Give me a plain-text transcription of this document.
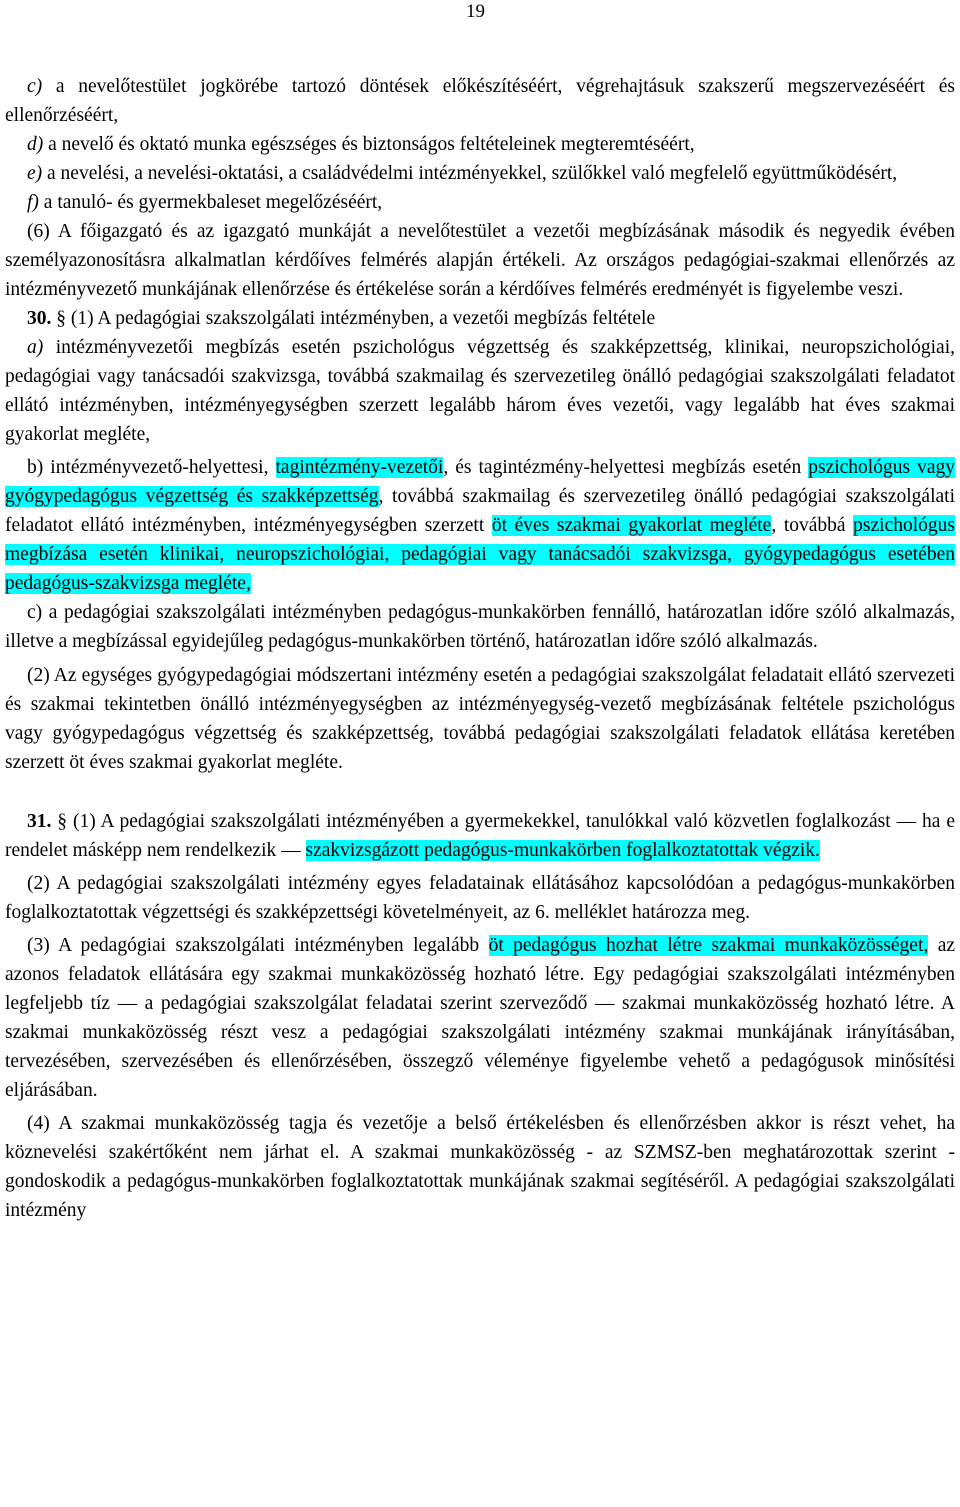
19

c) a nevelőtestület jogkörébe tartozó döntések előkészítéséért, végrehajtásuk szakszerű megszervezéséért és ellenőrzéséért,

d) a nevelő és oktató munka egészséges és biztonságos feltételeinek megteremtéséért,

e) a nevelési, a nevelési-oktatási, a családvédelmi intézményekkel, szülőkkel való megfelelő együttműködésért,

f) a tanuló- és gyermekbaleset megelőzéséért,

(6) A főigazgató és az igazgató munkáját a nevelőtestület a vezetői megbízásának második és negyedik évében személyazonosításra alkalmatlan kérdőíves felmérés alapján értékeli. Az országos pedagógiai-szakmai ellenőrzés az intézményvezető munkájának ellenőrzése és értékelése során a kérdőíves felmérés eredményét is figyelembe veszi.

30. § (1) A pedagógiai szakszolgálati intézményben, a vezetői megbízás feltétele

a) intézményvezetői megbízás esetén pszichológus végzettség és szakképzettség, klinikai, neuropszichológiai, pedagógiai vagy tanácsadói szakvizsga, továbbá szakmailag és szervezetileg önálló pedagógiai szakszolgálati feladatot ellátó intézményben, intézményegységben szerzett legalább három éves vezetői, vagy legalább hat éves szakmai gyakorlat megléte,

b) intézményvezető-helyettesi, tagintézmény-vezetői, és tagintézmény-helyettesi megbízás esetén pszichológus vagy gyógypedagógus végzettség és szakképzettség, továbbá szakmailag és szervezetileg önálló pedagógiai szakszolgálati feladatot ellátó intézményben, intézményegységben szerzett öt éves szakmai gyakorlat megléte, továbbá pszichológus megbízása esetén klinikai, neuropszichológiai, pedagógiai vagy tanácsadói szakvizsga, gyógypedagógus esetében pedagógus-szakvizsga megléte,

c) a pedagógiai szakszolgálati intézményben pedagógus-munkakörben fennálló, határozatlan időre szóló alkalmazás, illetve a megbízással egyidejűleg pedagógus-munkakörben történő, határozatlan időre szóló alkalmazás.

(2) Az egységes gyógypedagógiai módszertani intézmény esetén a pedagógiai szakszolgálat feladatait ellátó szervezeti és szakmai tekintetben önálló intézményegységben az intézményegység-vezető megbízásának feltétele pszichológus vagy gyógypedagógus végzettség és szakképzettség, továbbá pedagógiai szakszolgálati feladatok ellátása keretében szerzett öt éves szakmai gyakorlat megléte.

31. § (1) A pedagógiai szakszolgálati intézményében a gyermekekkel, tanulókkal való közvetlen foglalkozást — ha e rendelet másképp nem rendelkezik — szakvizsgázott pedagógus-munkakörben foglalkoztatottak végzik.

(2) A pedagógiai szakszolgálati intézmény egyes feladatainak ellátásához kapcsolódóan a pedagógus-munkakörben foglalkoztatottak végzettségi és szakképzettségi követelményeit, az 6. melléklet határozza meg.

(3) A pedagógiai szakszolgálati intézményben legalább öt pedagógus hozhat létre szakmai munkaközösséget, az azonos feladatok ellátására egy szakmai munkaközösség hozható létre. Egy pedagógiai szakszolgálati intézményben legfeljebb tíz — a pedagógiai szakszolgálat feladatai szerint szerveződő — szakmai munkaközösség hozható létre. A szakmai munkaközösség részt vesz a pedagógiai szakszolgálati intézmény szakmai munkájának irányításában, tervezésében, szervezésében és ellenőrzésében, összegző véleménye figyelembe vehető a pedagógusok minősítési eljárásában.

(4) A szakmai munkaközösség tagja és vezetője a belső értékelésben és ellenőrzésben akkor is részt vehet, ha köznevelési szakértőként nem járhat el. A szakmai munkaközösség - az SZMSZ-ben meghatározottak szerint - gondoskodik a pedagógus-munkakörben foglalkoztatottak munkájának szakmai segítéséről. A pedagógiai szakszolgálati intézmény
